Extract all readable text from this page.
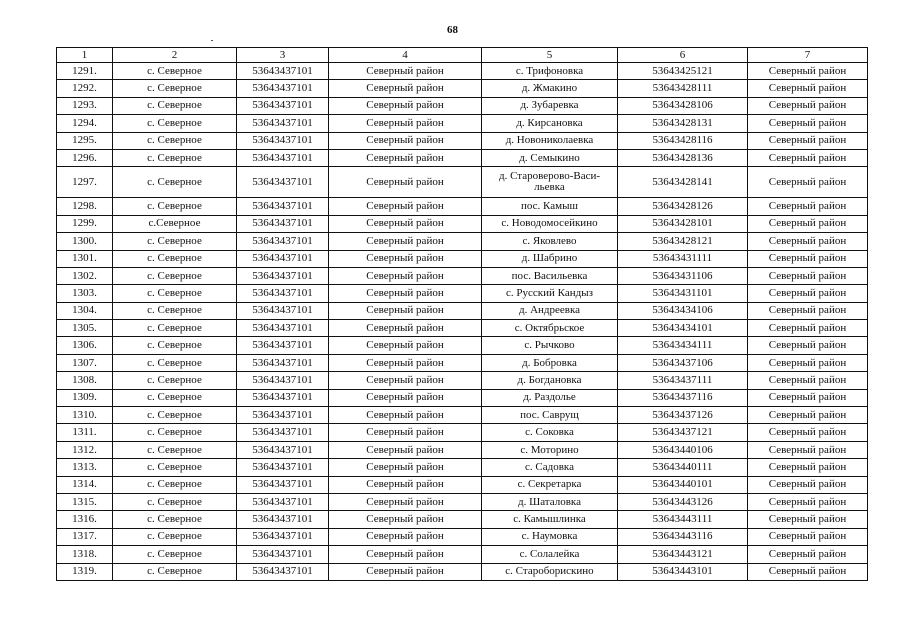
68
1	2	3	4	5	6	7
1291.	с. Северное	53643437101	Северный район	с. Трифоновка	53643425121	Северный район
1292.	с. Северное	53643437101	Северный район	д. Жмакино	53643428111	Северный район
1293.	с. Северное	53643437101	Северный район	д. Зубаревка	53643428106	Северный район
1294.	с. Северное	53643437101	Северный район	д. Кирсановка	53643428131	Северный район
1295.	с. Северное	53643437101	Северный район	д. Новониколаевка	53643428116	Северный район
1296.	с. Северное	53643437101	Северный район	д. Семыкино	53643428136	Северный район
1297.	с. Северное	53643437101	Северный район	д. Староверово-Васи-льевка	53643428141	Северный район
1298.	с. Северное	53643437101	Северный район	пос. Камыш	53643428126	Северный район
1299.	с.Северное	53643437101	Северный район	с. Новодомосейкино	53643428101	Северный район
1300.	с. Северное	53643437101	Северный район	с. Яковлево	53643428121	Северный район
1301.	с. Северное	53643437101	Северный район	д. Шабрино	53643431111	Северный район
1302.	с. Северное	53643437101	Северный район	пос. Васильевка	53643431106	Северный район
1303.	с. Северное	53643437101	Северный район	с. Русский Кандыз	53643431101	Северный район
1304.	с. Северное	53643437101	Северный район	д. Андреевка	53643434106	Северный район
1305.	с. Северное	53643437101	Северный район	с. Октябрьское	53643434101	Северный район
1306.	с. Северное	53643437101	Северный район	с. Рычково	53643434111	Северный район
1307.	с. Северное	53643437101	Северный район	д. Бобровка	53643437106	Северный район
1308.	с. Северное	53643437101	Северный район	д. Богдановка	53643437111	Северный район
1309.	с. Северное	53643437101	Северный район	д. Раздолье	53643437116	Северный район
1310.	с. Северное	53643437101	Северный район	пос. Саврущ	53643437126	Северный район
1311.	с. Северное	53643437101	Северный район	с. Соковка	53643437121	Северный район
1312.	с. Северное	53643437101	Северный район	с. Моторино	53643440106	Северный район
1313.	с. Северное	53643437101	Северный район	с. Садовка	53643440111	Северный район
1314.	с. Северное	53643437101	Северный район	с. Секретарка	53643440101	Северный район
1315.	с. Северное	53643437101	Северный район	д. Шаталовка	53643443126	Северный район
1316.	с. Северное	53643437101	Северный район	с. Камышлинка	53643443111	Северный район
1317.	с. Северное	53643437101	Северный район	с. Наумовка	53643443116	Северный район
1318.	с. Северное	53643437101	Северный район	с. Солалейка	53643443121	Северный район
1319.	с. Северное	53643437101	Северный район	с. Староборискино	53643443101	Северный район
